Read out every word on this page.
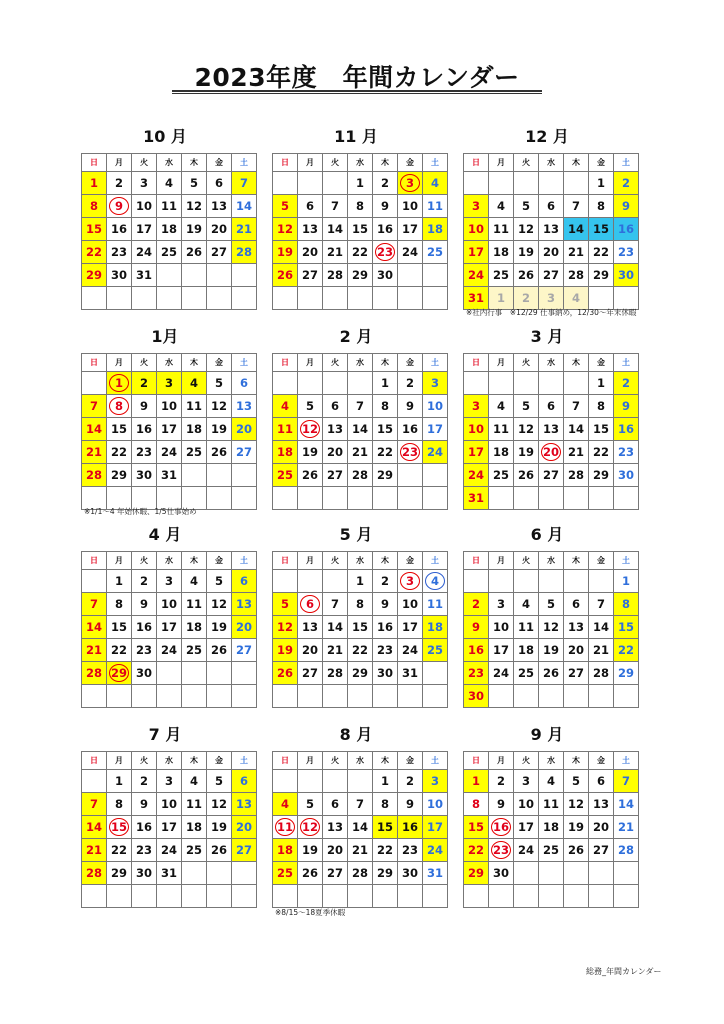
2023年度　年間カレンダー
10 月
日	月	火	水	木	金	土
1	2	3	4	5	6	7
8	9	10	11	12	13	14
15	16	17	18	19	20	21
22	23	24	25	26	27	28
29	30	31				

11 月
日	月	火	水	木	金	土
			1	2	3	4
5	6	7	8	9	10	11
12	13	14	15	16	17	18
19	20	21	22	23	24	25
26	27	28	29	30		

12 月
日	月	火	水	木	金	土
					1	2
3	4	5	6	7	8	9
10	11	12	13	14	15	16
17	18	19	20	21	22	23
24	25	26	27	28	29	30
31	1	2	3	4		
1月
日	月	火	水	木	金	土
	1	2	3	4	5	6
7	8	9	10	11	12	13
14	15	16	17	18	19	20
21	22	23	24	25	26	27
28	29	30	31			

2 月
日	月	火	水	木	金	土
				1	2	3
4	5	6	7	8	9	10
11	12	13	14	15	16	17
18	19	20	21	22	23	24
25	26	27	28	29		

3 月
日	月	火	水	木	金	土
					1	2
3	4	5	6	7	8	9
10	11	12	13	14	15	16
17	18	19	20	21	22	23
24	25	26	27	28	29	30
31						
4 月
日	月	火	水	木	金	土
	1	2	3	4	5	6
7	8	9	10	11	12	13
14	15	16	17	18	19	20
21	22	23	24	25	26	27
28	29	30				

5 月
日	月	火	水	木	金	土
			1	2	3	4
5	6	7	8	9	10	11
12	13	14	15	16	17	18
19	20	21	22	23	24	25
26	27	28	29	30	31	

6 月
日	月	火	水	木	金	土
						1
2	3	4	5	6	7	8
9	10	11	12	13	14	15
16	17	18	19	20	21	22
23	24	25	26	27	28	29
30						
7 月
日	月	火	水	木	金	土
	1	2	3	4	5	6
7	8	9	10	11	12	13
14	15	16	17	18	19	20
21	22	23	24	25	26	27
28	29	30	31			

8 月
日	月	火	水	木	金	土
				1	2	3
4	5	6	7	8	9	10
11	12	13	14	15	16	17
18	19	20	21	22	23	24
25	26	27	28	29	30	31

9 月
日	月	火	水	木	金	土
1	2	3	4	5	6	7
8	9	10	11	12	13	14
15	16	17	18	19	20	21
22	23	24	25	26	27	28
29	30					

※社内行事　※12/29 仕事納め，12/30～年末休暇
※1/1～4 年始休暇、1/5仕事始め
※8/15～18夏季休暇
総務_年間カレンダー
